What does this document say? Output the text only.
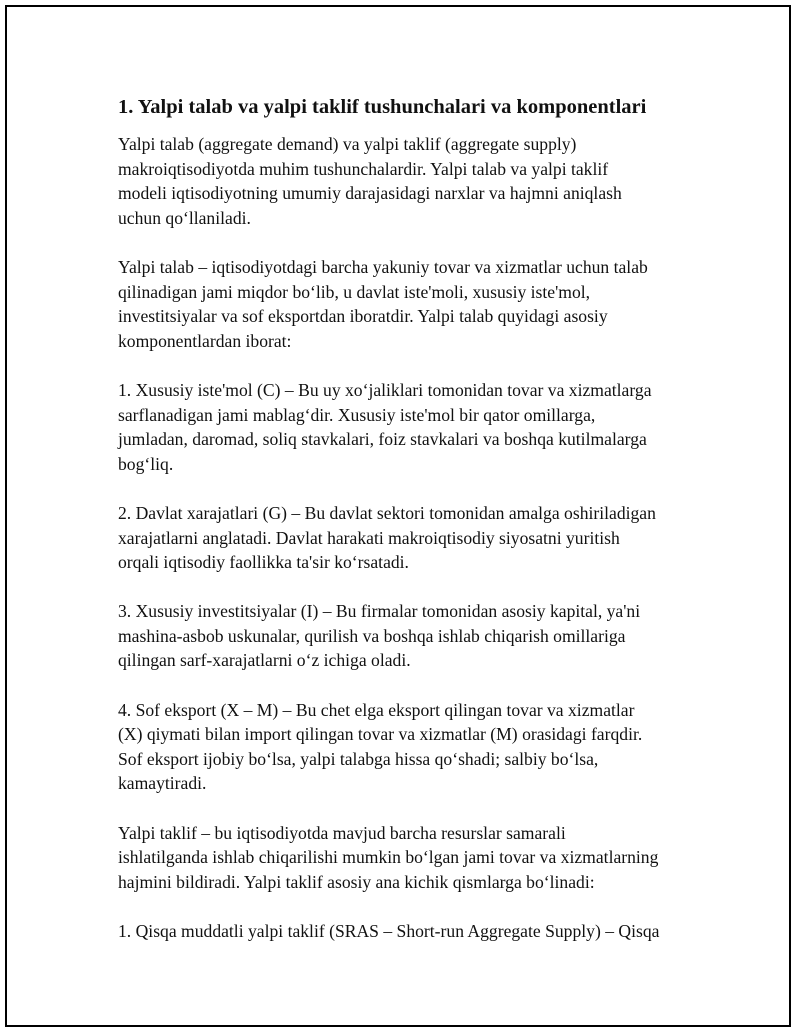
1. Yalpi talab va yalpi taklif tushunchalari va komponentlari

Yalpi talab (aggregate demand) va yalpi taklif (aggregate supply)
makroiqtisodiyotda muhim tushunchalardir. Yalpi talab va yalpi taklif
modeli iqtisodiyotning umumiy darajasidagi narxlar va hajmni aniqlash
uchun qo‘llaniladi.

Yalpi talab – iqtisodiyotdagi barcha yakuniy tovar va xizmatlar uchun talab
qilinadigan jami miqdor bo‘lib, u davlat iste'moli, xususiy iste'mol,
investitsiyalar va sof eksportdan iboratdir. Yalpi talab quyidagi asosiy
komponentlardan iborat:

1. Xususiy iste'mol (C) – Bu uy xo‘jaliklari tomonidan tovar va xizmatlarga
sarflanadigan jami mablag‘dir. Xususiy iste'mol bir qator omillarga,
jumladan, daromad, soliq stavkalari, foiz stavkalari va boshqa kutilmalarga
bog‘liq.

2. Davlat xarajatlari (G) – Bu davlat sektori tomonidan amalga oshiriladigan
xarajatlarni anglatadi. Davlat harakati makroiqtisodiy siyosatni yuritish
orqali iqtisodiy faollikka ta'sir ko‘rsatadi.

3. Xususiy investitsiyalar (I) – Bu firmalar tomonidan asosiy kapital, ya'ni
mashina-asbob uskunalar, qurilish va boshqa ishlab chiqarish omillariga
qilingan sarf-xarajatlarni o‘z ichiga oladi.

4. Sof eksport (X – M) – Bu chet elga eksport qilingan tovar va xizmatlar
(X) qiymati bilan import qilingan tovar va xizmatlar (M) orasidagi farqdir.
Sof eksport ijobiy bo‘lsa, yalpi talabga hissa qo‘shadi; salbiy bo‘lsa,
kamaytiradi.

Yalpi taklif – bu iqtisodiyotda mavjud barcha resurslar samarali
ishlatilganda ishlab chiqarilishi mumkin bo‘lgan jami tovar va xizmatlarning
hajmini bildiradi. Yalpi taklif asosiy ana kichik qismlarga bo‘linadi:

1. Qisqa muddatli yalpi taklif (SRAS – Short-run Aggregate Supply) – Qisqa
